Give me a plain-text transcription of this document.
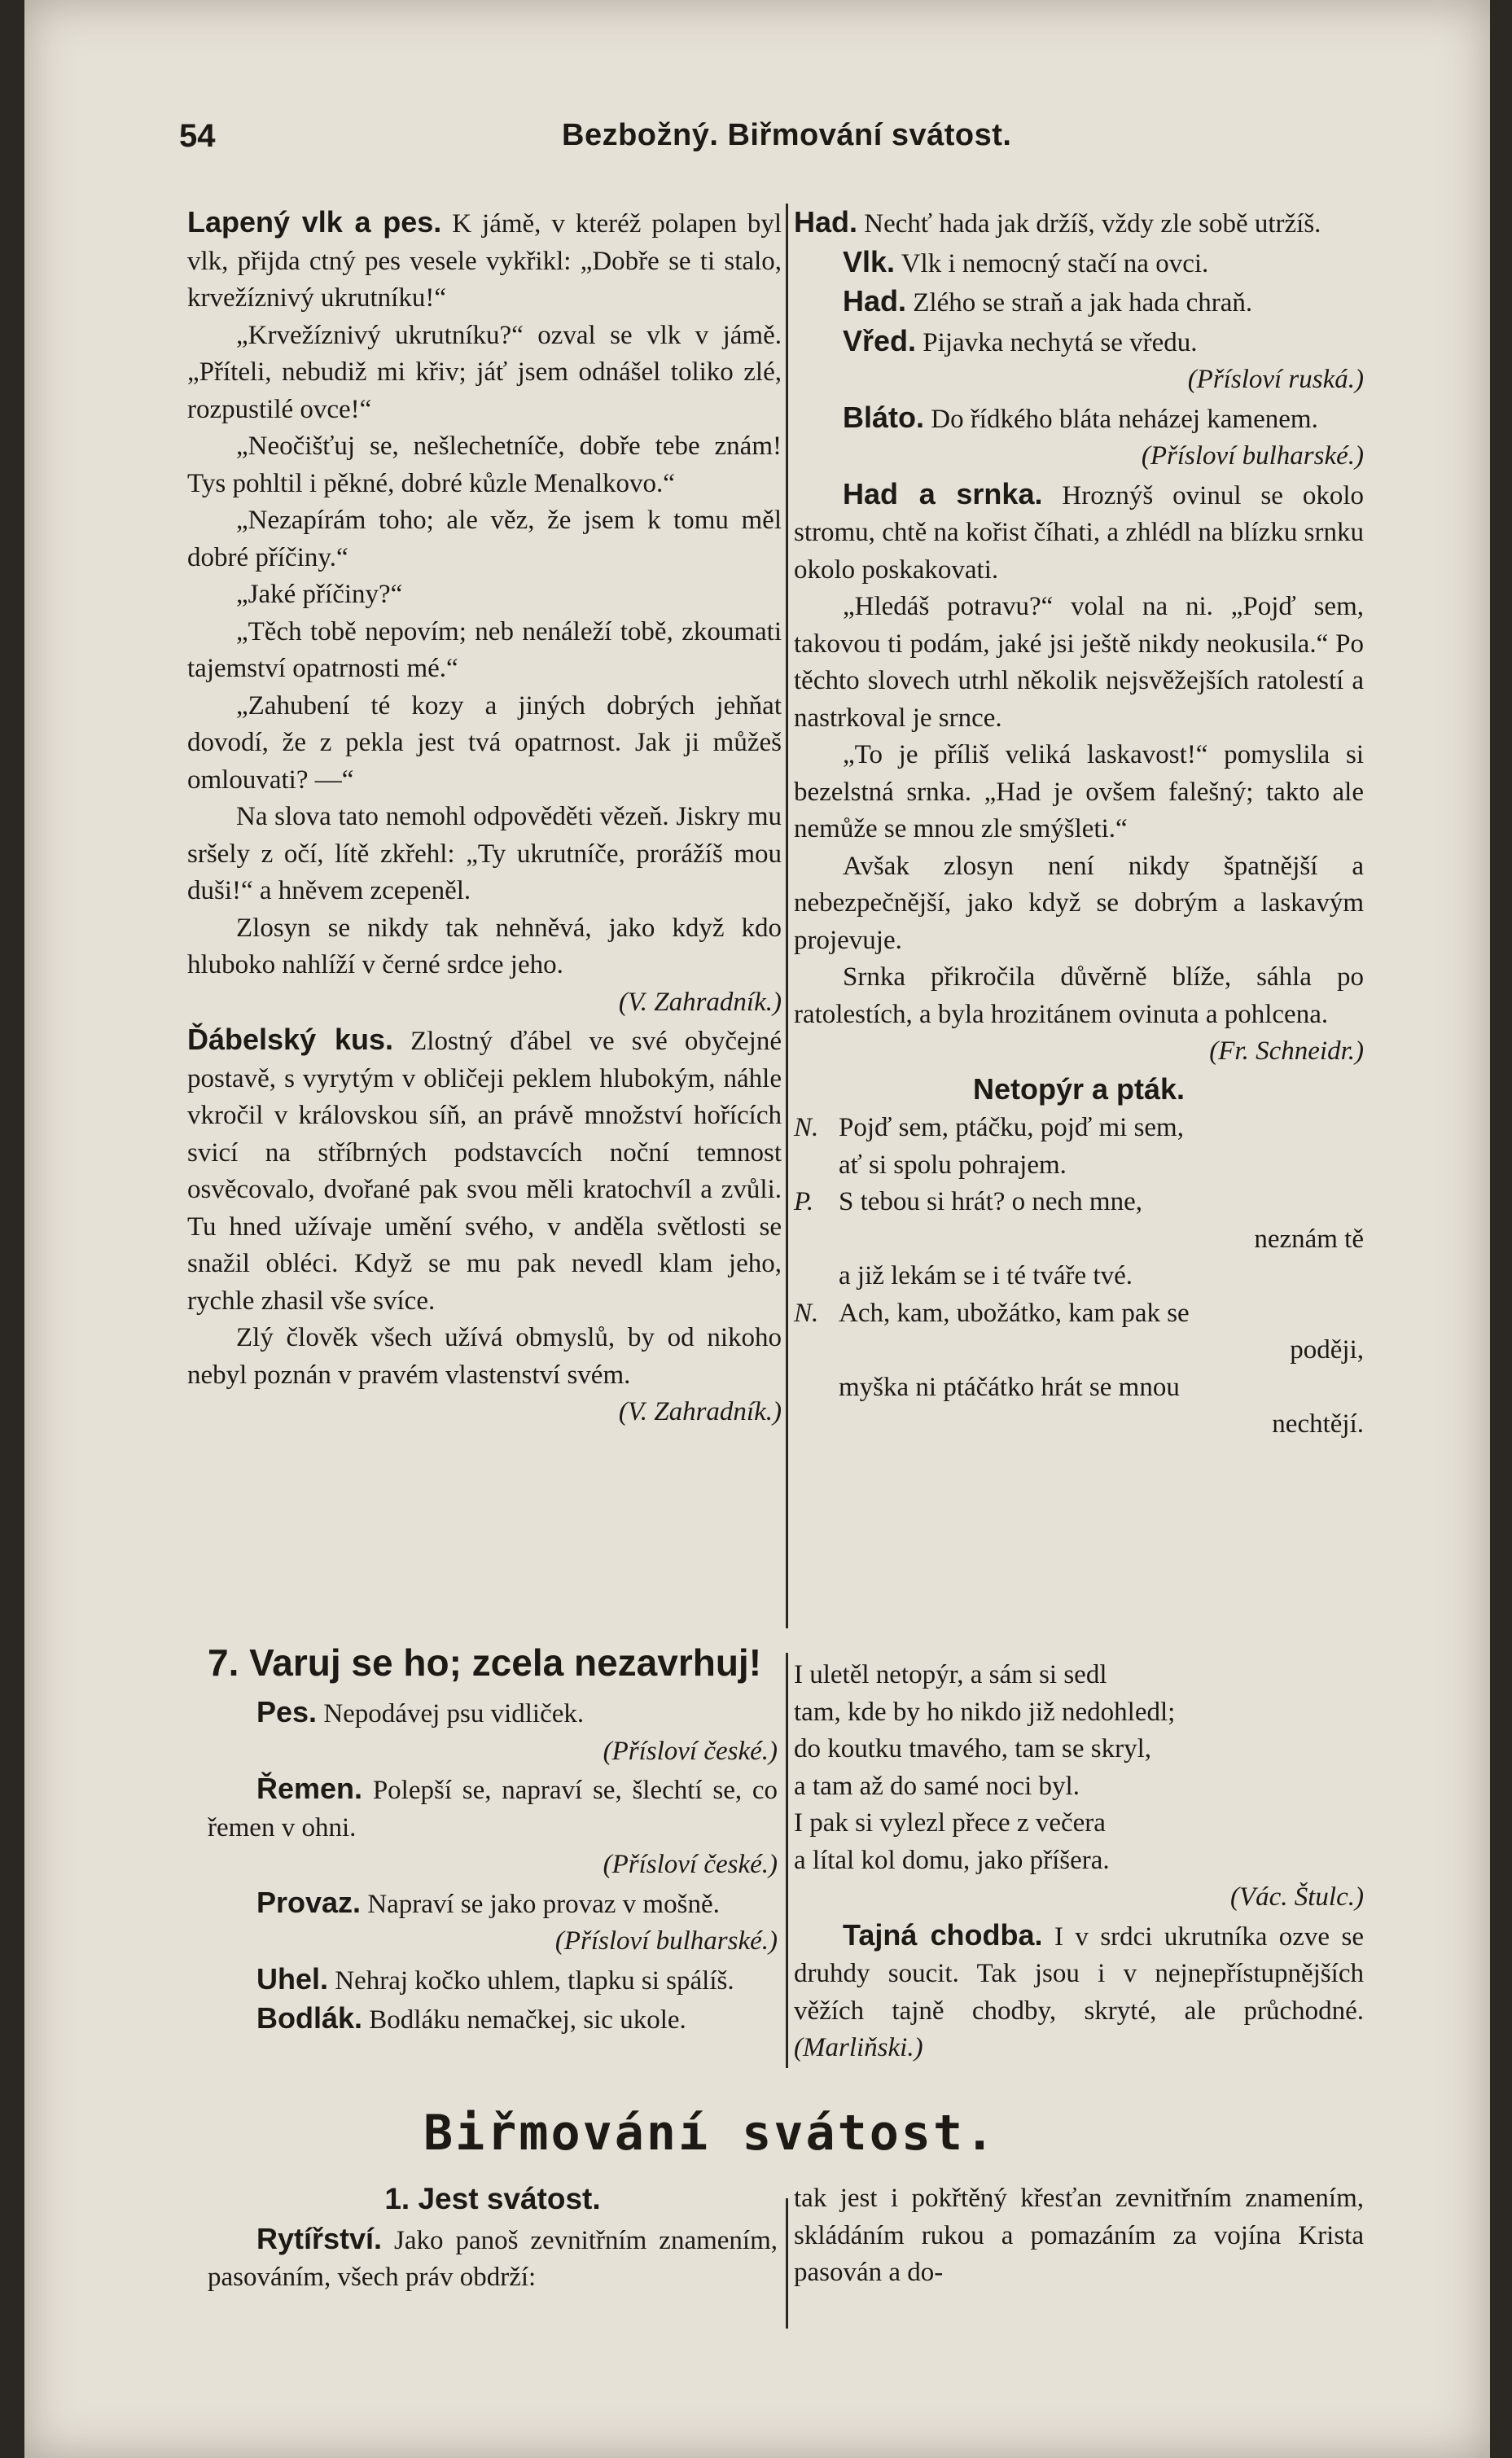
54	Bezbožný. Biřmování svátost.

Lapený vlk a pes. K jámě, v kteréž polapen byl vlk, přijda ctný pes vesele vykřikl: „Dobře se ti stalo, krvežíznivý ukrutníku!“

„Krvežíznivý ukrutníku?“ ozval se vlk v jámě. „Příteli, nebudiž mi křiv; jáť jsem odnášel toliko zlé, rozpustilé ovce!“

„Neočišťuj se, nešlechetníče, dobře tebe znám! Tys pohltil i pěkné, dobré kůzle Menalkovo.“

„Nezapírám toho; ale věz, že jsem k tomu měl dobré příčiny.“

„Jaké příčiny?“

„Těch tobě nepovím; neb nenáleží tobě, zkoumati tajemství opatrnosti mé.“

„Zahubení té kozy a jiných dobrých jehňat dovodí, že z pekla jest tvá opatrnost. Jak ji můžeš omlouvati? —“

Na slova tato nemohl odpověděti vězeň. Jiskry mu sršely z očí, lítě zkřehl: „Ty ukrutníče, prorážíš mou duši!“ a hněvem zcepeněl.

Zlosyn se nikdy tak nehněvá, jako když kdo hluboko nahlíží v černé srdce jeho.

(V. Zahradník.)

Ďábelský kus. Zlostný ďábel ve své obyčejné postavě, s vyrytým v obličeji peklem hlubokým, náhle vkročil v královskou síň, an právě množství hořících svicí na stříbrných podstavcích noční temnost osvěcovalo, dvořané pak svou měli kratochvíl a zvůli. Tu hned užívaje umění svého, v anděla světlosti se snažil obléci. Když se mu pak nevedl klam jeho, rychle zhasil vše svíce.

Zlý člověk všech užívá obmyslů, by od nikoho nebyl poznán v pravém vlastenství svém.

(V. Zahradník.)

Had. Nechť hada jak držíš, vždy zle sobě utržíš.

Vlk. Vlk i nemocný stačí na ovci.

Had. Zlého se straň a jak hada chraň.

Vřed. Pijavka nechytá se vředu.

(Přísloví ruská.)

Bláto. Do řídkého bláta neházej kamenem.

(Přísloví bulharské.)

Had a srnka. Hroznýš ovinul se okolo stromu, chtě na kořist číhati, a zhlédl na blízku srnku okolo poskakovati.

„Hledáš potravu?“ volal na ni. „Pojď sem, takovou ti podám, jaké jsi ještě nikdy neokusila.“ Po těchto slovech utrhl několik nejsvěžejších ratolestí a nastrkoval je srnce.

„To je příliš veliká laskavost!“ pomyslila si bezelstná srnka. „Had je ovšem falešný; takto ale nemůže se mnou zle smýšleti.“

Avšak zlosyn není nikdy špatnější a nebezpečnější, jako když se dobrým a laskavým projevuje.

Srnka přikročila důvěrně blíže, sáhla po ratolestích, a byla hrozitánem ovinuta a pohlcena.

(Fr. Schneidr.)

Netopýr a pták.

N. Pojď sem, ptáčku, pojď mi sem,

ať si spolu pohrajem.

P. S tebou si hrát? o nech mne,

neznám tě

a již lekám se i té tváře tvé.

N. Ach, kam, ubožátko, kam pak se

poději,

myška ni ptáčátko hrát se mnou

nechtějí.

7. Varuj se ho; zcela nezavrhuj!

Pes. Nepodávej psu vidliček.

(Přísloví české.)

Řemen. Polepší se, napraví se, šlechtí se, co řemen v ohni.

(Přísloví české.)

Provaz. Napraví se jako provaz v mošně.

(Přísloví bulharské.)

Uhel. Nehraj kočko uhlem, tlapku si spálíš.

Bodlák. Bodláku nemačkej, sic ukole.

I uletěl netopýr, a sám si sedl

tam, kde by ho nikdo již nedohledl;

do koutku tmavého, tam se skryl,

a tam až do samé noci byl.

I pak si vylezl přece z večera

a lítal kol domu, jako příšera.

(Vác. Štulc.)

Tajná chodba. I v srdci ukrutníka ozve se druhdy soucit. Tak jsou i v nejnepřístupnějších věžích tajně chodby, skryté, ale průchodné. (Marliňski.)

Biřmování svátost.

1. Jest svátost.

Rytířství. Jako panoš zevnitřním znamením, pasováním, všech práv obdrží:

tak jest i pokřtěný křesťan zevnitřním znamením, skládáním rukou a pomazáním za vojína Krista pasován a do-
